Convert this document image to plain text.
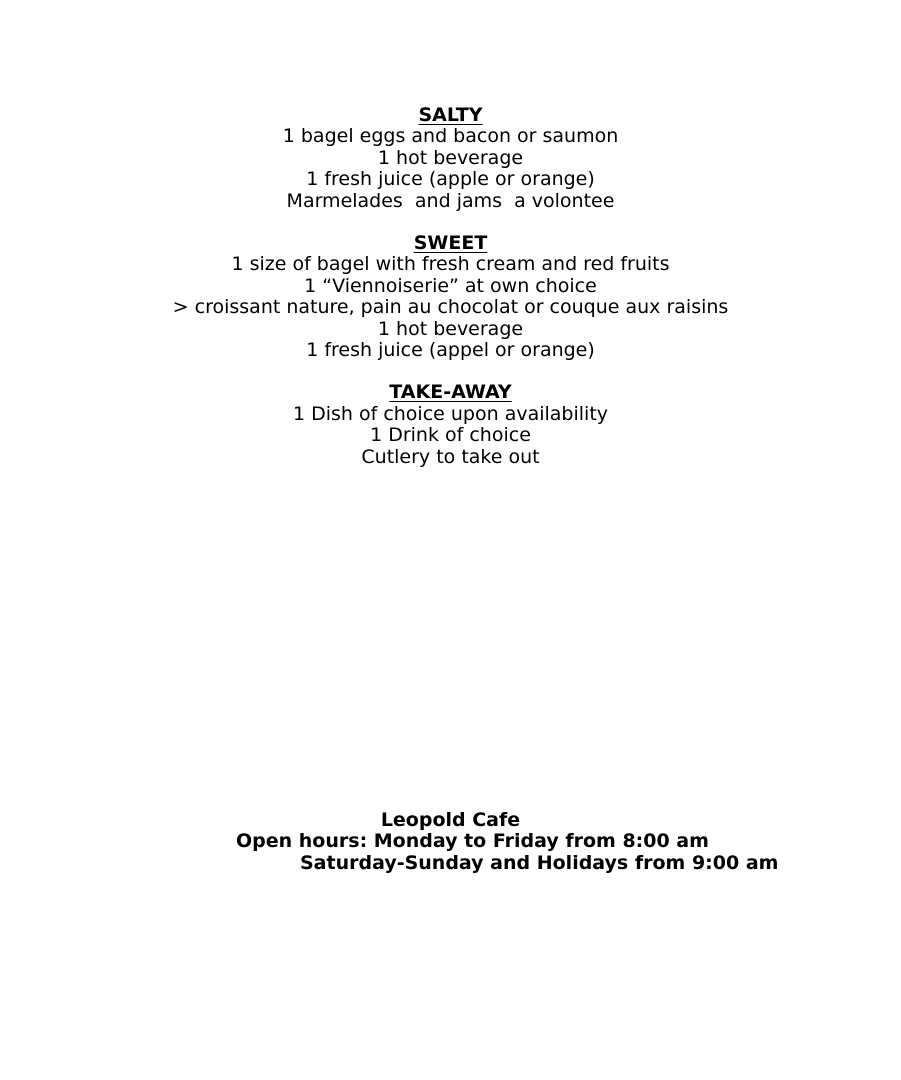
SALTY
1 bagel eggs and bacon or saumon
1 hot beverage
1 fresh juice (apple or orange)
Marmelades  and jams  a volontee
SWEET
1 size of bagel with fresh cream and red fruits
1 “Viennoiserie” at own choice
> croissant nature, pain au chocolat or couque aux raisins
1 hot beverage
1 fresh juice (appel or orange)
TAKE-AWAY
1 Dish of choice upon availability
1 Drink of choice
Cutlery to take out
Leopold Cafe
Open hours: Monday to Friday from 8:00 am
Saturday-Sunday and Holidays from 9:00 am
